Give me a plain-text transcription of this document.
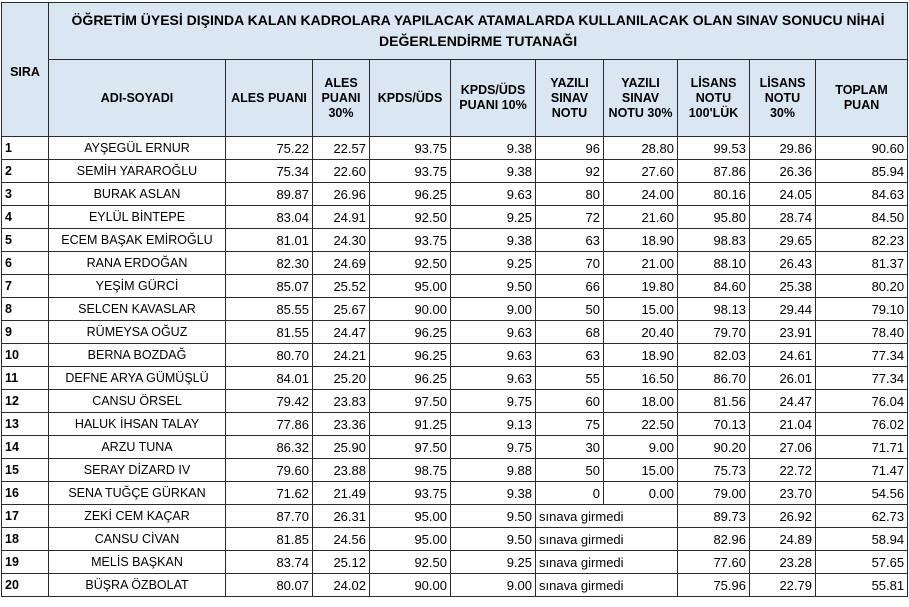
SIRA	ÖĞRETİM ÜYESİ DIŞINDA KALAN KADROLARA YAPILACAK ATAMALARDA KULLANILACAK OLAN SINAV SONUCU NİHAİ DEĞERLENDİRME TUTANAĞI									
	ADI-SOYADI	ALES PUANI	ALES PUANI 30%	KPDS/ÜDS	KPDS/ÜDS PUANI 10%	YAZILI SINAV NOTU	YAZILI SINAV NOTU 30%	LİSANS NOTU 100'LÜK	LİSANS NOTU 30%	TOPLAM PUAN
1	AYŞEGÜL ERNUR	75.22	22.57	93.75	9.38	96	28.80	99.53	29.86	90.60
2	SEMİH YARAROĞLU	75.34	22.60	93.75	9.38	92	27.60	87.86	26.36	85.94
3	BURAK ASLAN	89.87	26.96	96.25	9.63	80	24.00	80.16	24.05	84.63
4	EYLÜL BİNTEPE	83.04	24.91	92.50	9.25	72	21.60	95.80	28.74	84.50
5	ECEM BAŞAK EMİROĞLU	81.01	24.30	93.75	9.38	63	18.90	98.83	29.65	82.23
6	RANA ERDOĞAN	82.30	24.69	92.50	9.25	70	21.00	88.10	26.43	81.37
7	YEŞİM GÜRCİ	85.07	25.52	95.00	9.50	66	19.80	84.60	25.38	80.20
8	SELCEN KAVASLAR	85.55	25.67	90.00	9.00	50	15.00	98.13	29.44	79.10
9	RÜMEYSA OĞUZ	81.55	24.47	96.25	9.63	68	20.40	79.70	23.91	78.40
10	BERNA BOZDAĞ	80.70	24.21	96.25	9.63	63	18.90	82.03	24.61	77.34
11	DEFNE ARYA GÜMÜŞLÜ	84.01	25.20	96.25	9.63	55	16.50	86.70	26.01	77.34
12	CANSU ÖRSEL	79.42	23.83	97.50	9.75	60	18.00	81.56	24.47	76.04
13	HALUK İHSAN TALAY	77.86	23.36	91.25	9.13	75	22.50	70.13	21.04	76.02
14	ARZU TUNA	86.32	25.90	97.50	9.75	30	9.00	90.20	27.06	71.71
15	SERAY DİZARD IV	79.60	23.88	98.75	9.88	50	15.00	75.73	22.72	71.47
16	SENA TUĞÇE GÜRKAN	71.62	21.49	93.75	9.38	0	0.00	79.00	23.70	54.56
17	ZEKİ CEM KAÇAR	87.70	26.31	95.00	9.50	sınava girmedi		89.73	26.92	62.73
18	CANSU CİVAN	81.85	24.56	95.00	9.50	sınava girmedi		82.96	24.89	58.94
19	MELİS BAŞKAN	83.74	25.12	92.50	9.25	sınava girmedi		77.60	23.28	57.65
20	BÜŞRA ÖZBOLAT	80.07	24.02	90.00	9.00	sınava girmedi		75.96	22.79	55.81
